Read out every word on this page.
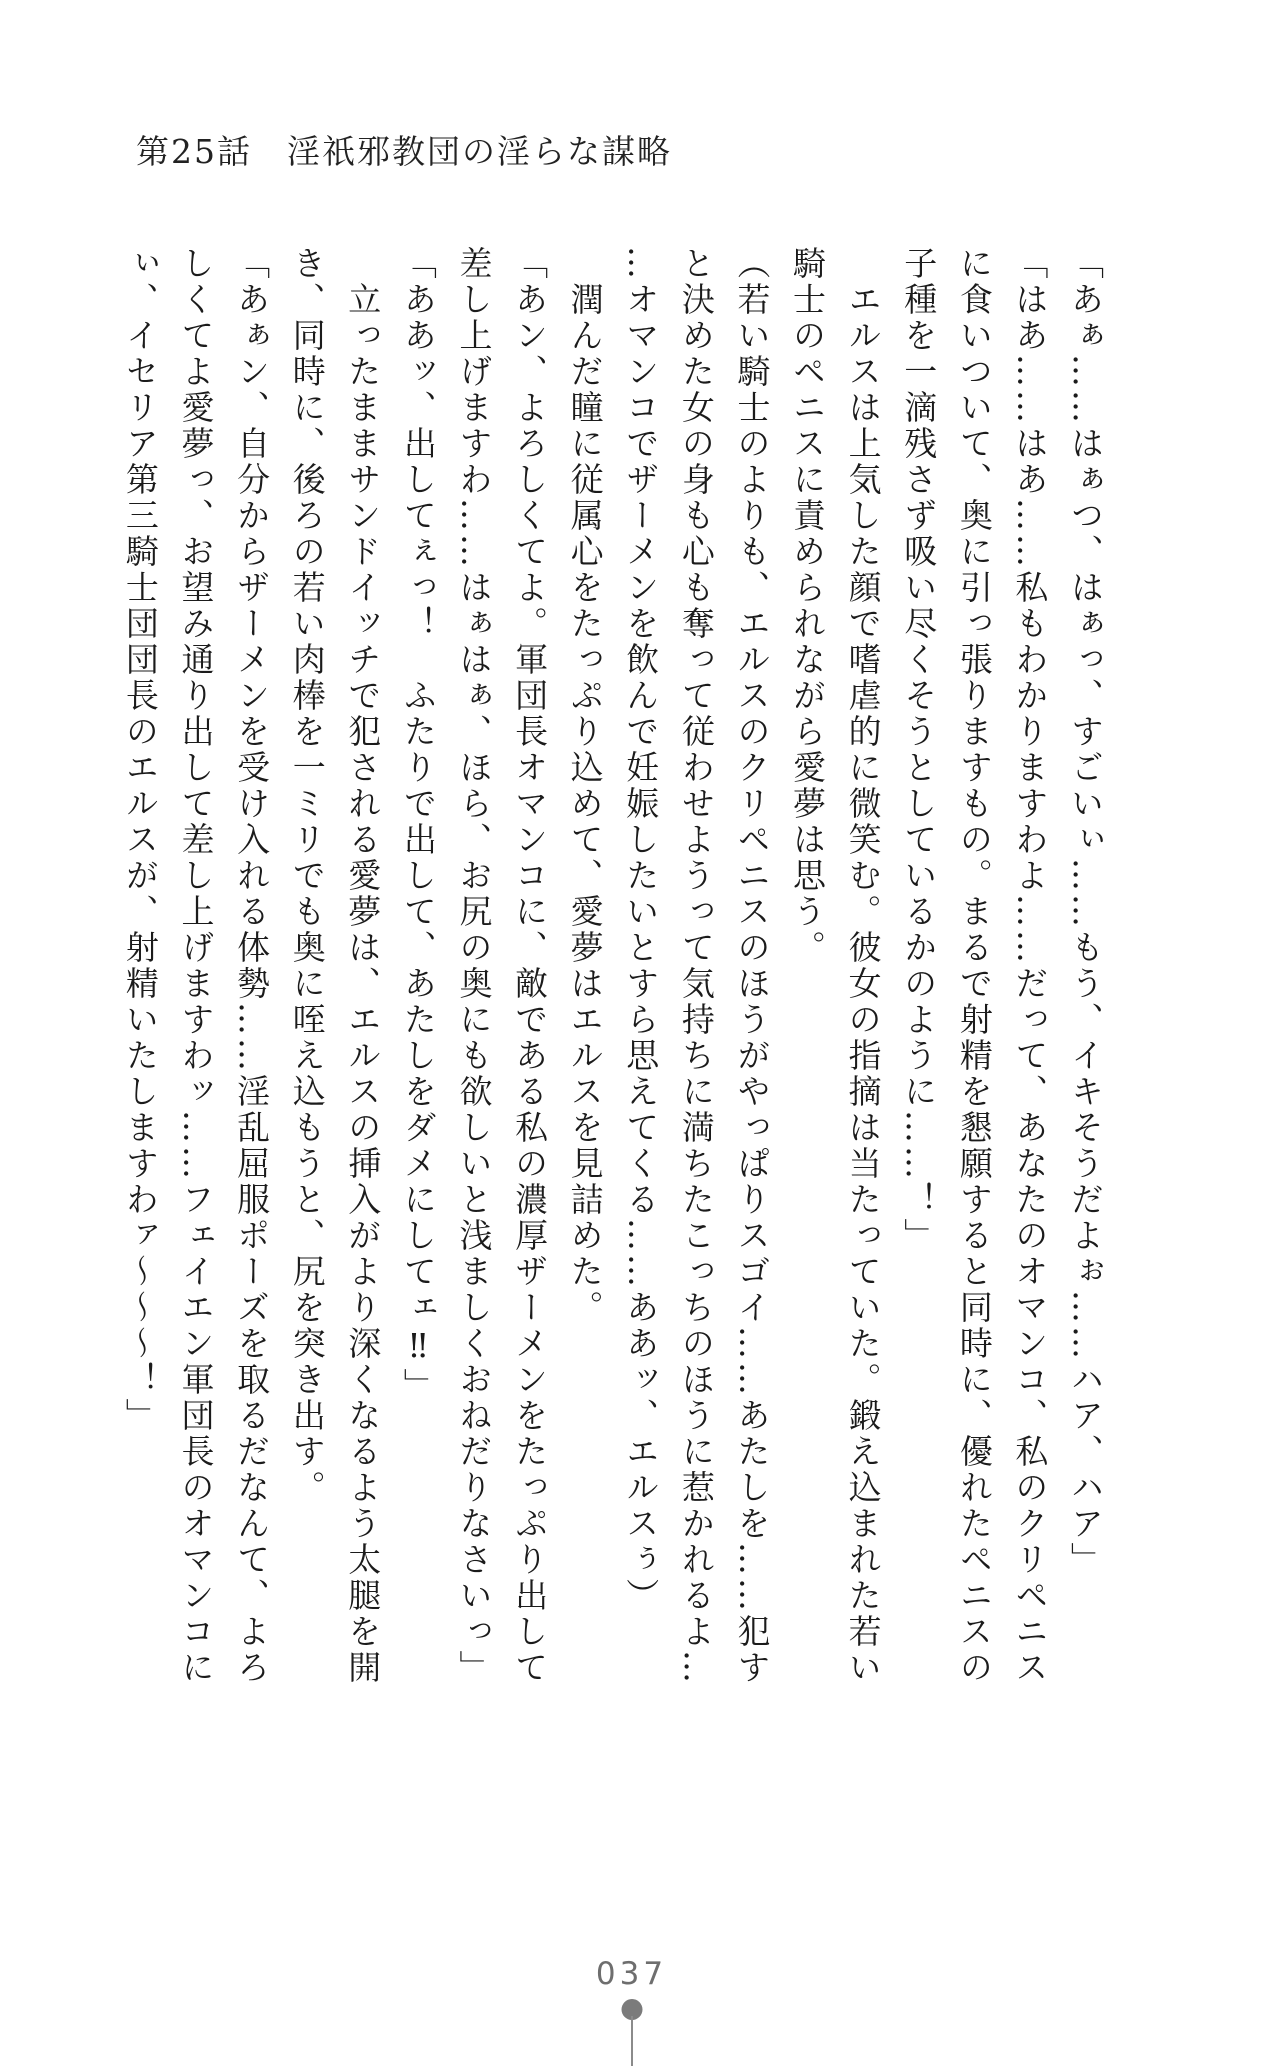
第25話　淫祇邪教団の淫らな謀略

「あぁ……はぁつ、はぁっ、すごいぃ……もう、イキそうだよぉ……ハア、ハア」

「はあ……はあ……私もわかりますわよ……だって、あなたのオマンコ、私のクリペニス

に食いついて、奥に引っ張りますもの。まるで射精を懇願すると同時に、優れたペニスの

子種を一滴残さず吸い尽くそうとしているかのように……！」

　エルスは上気した顔で嗜虐的に微笑む。彼女の指摘は当たっていた。鍛え込まれた若い

騎士のペニスに責められながら愛夢は思う。

（若い騎士のよりも、エルスのクリペニスのほうがやっぱりスゴイ……あたしを……犯す

と決めた女の身も心も奪って従わせようって気持ちに満ちたこっちのほうに惹かれるよ…

…オマンコでザーメンを飲んで妊娠したいとすら思えてくる……ああッ、エルスぅ）

　潤んだ瞳に従属心をたっぷり込めて、愛夢はエルスを見詰めた。

「あン、よろしくてよ。軍団長オマンコに、敵である私の濃厚ザーメンをたっぷり出して

差し上げますわ……はぁはぁ、ほら、お尻の奥にも欲しいと浅ましくおねだりなさいっ」

「ああッ、出してぇっ！　ふたりで出して、あたしをダメにしてェ‼」

　立ったままサンドイッチで犯される愛夢は、エルスの挿入がより深くなるよう太腿を開

き、同時に、後ろの若い肉棒を一ミリでも奥に咥え込もうと、尻を突き出す。

「あぁン、自分からザーメンを受け入れる体勢……淫乱屈服ポーズを取るだなんて、よろ

しくてよ愛夢っ、お望み通り出して差し上げますわッ……フェイエン軍団長のオマンコに

ぃ、イセリア第三騎士団団長のエルスが、射精いたしますわァ～～～！」

037
